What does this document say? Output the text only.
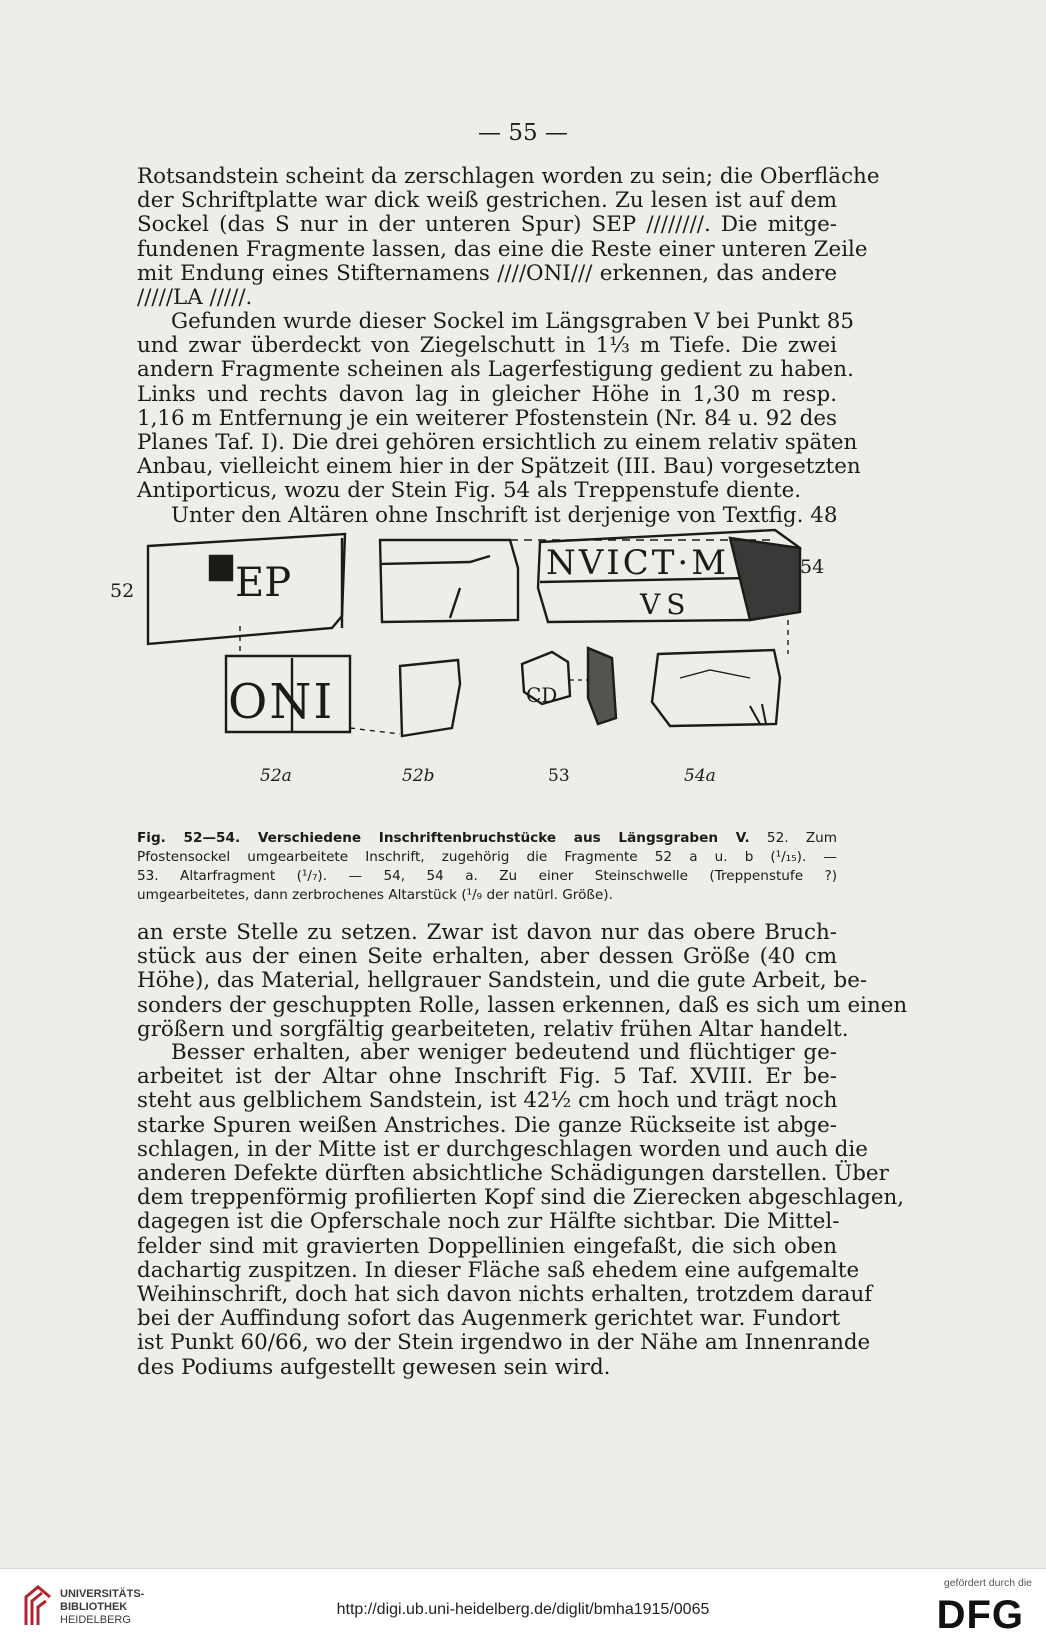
— 55 —
Rotsandstein scheint da zerschlagen worden zu sein; die Oberfläche
der Schriftplatte war dick weiß gestrichen. Zu lesen ist auf dem
Sockel (das S nur in der unteren Spur) SEP ////////. Die mitge-
fundenen Fragmente lassen, das eine die Reste einer unteren Zeile
mit Endung eines Stifternamens ////ONI/// erkennen, das andere
/////LA /////.
Gefunden wurde dieser Sockel im Längsgraben V bei Punkt 85
und zwar überdeckt von Ziegelschutt in 1⅓ m Tiefe. Die zwei
andern Fragmente scheinen als Lagerfestigung gedient zu haben.
Links und rechts davon lag in gleicher Höhe in 1,30 m resp.
1,16 m Entfernung je ein weiterer Pfostenstein (Nr. 84 u. 92 des
Planes Taf. I). Die drei gehören ersichtlich zu einem relativ späten
Anbau, vielleicht einem hier in der Spätzeit (III. Bau) vorgesetzten
Antiporticus, wozu der Stein Fig. 54 als Treppenstufe diente.
Unter den Altären ohne Inschrift ist derjenige von Textfig. 48
EP
ONI	CD
NVICT·M
VS
52
54
52a	52b	53	54a
Fig. 52—54. Verschiedene Inschriftenbruchstücke aus Längsgraben V. 52. Zum
Pfostensockel umgearbeitete Inschrift, zugehörig die Fragmente 52 a u. b (¹/₁₅). —
53. Altarfragment (¹/₇). — 54, 54 a. Zu einer Steinschwelle (Treppenstufe ?)
umgearbeitetes, dann zerbrochenes Altarstück (¹/₉ der natürl. Größe).
an erste Stelle zu setzen. Zwar ist davon nur das obere Bruch-
stück aus der einen Seite erhalten, aber dessen Größe (40 cm
Höhe), das Material, hellgrauer Sandstein, und die gute Arbeit, be-
sonders der geschuppten Rolle, lassen erkennen, daß es sich um einen
größern und sorgfältig gearbeiteten, relativ frühen Altar handelt.
Besser erhalten, aber weniger bedeutend und flüchtiger ge-
arbeitet ist der Altar ohne Inschrift Fig. 5 Taf. XVIII. Er be-
steht aus gelblichem Sandstein, ist 42½ cm hoch und trägt noch
starke Spuren weißen Anstriches. Die ganze Rückseite ist abge-
schlagen, in der Mitte ist er durchgeschlagen worden und auch die
anderen Defekte dürften absichtliche Schädigungen darstellen. Über
dem treppenförmig profilierten Kopf sind die Zierecken abgeschlagen,
dagegen ist die Opferschale noch zur Hälfte sichtbar. Die Mittel-
felder sind mit gravierten Doppellinien eingefaßt, die sich oben
dachartig zuspitzen. In dieser Fläche saß ehedem eine aufgemalte
Weihinschrift, doch hat sich davon nichts erhalten, trotzdem darauf
bei der Auffindung sofort das Augenmerk gerichtet war. Fundort
ist Punkt 60/66, wo der Stein irgendwo in der Nähe am Innenrande
des Podiums aufgestellt gewesen sein wird.
UNIVERSITÄTS-
BIBLIOTHEK
HEIDELBERG
http://digi.ub.uni-heidelberg.de/diglit/bmha1915/0065
gefördert durch die
DFG
